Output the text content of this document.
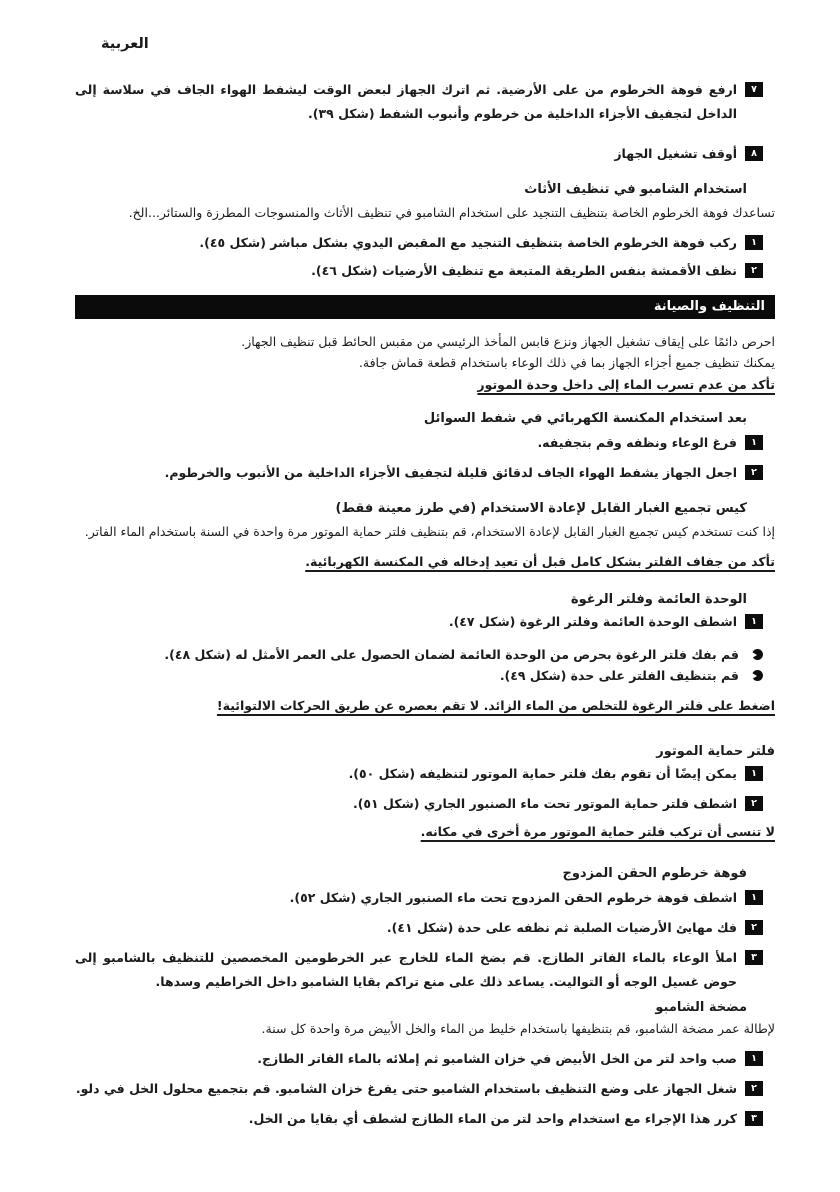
العربية
٧
ارفع فوهة الخرطوم من على الأرضية. ثم اترك الجهاز لبعض الوقت ليشفط الهواء الجاف في سلاسة إلى الداخل لتجفيف الأجزاء الداخلية من خرطوم وأنبوب الشفط (شكل ٣٩).
٨
أوقف تشغيل الجهاز
استخدام الشامبو في تنظيف الأثاث
تساعدك فوهة الخرطوم الخاصة بتنظيف التنجيد على استخدام الشامبو في تنظيف الأثاث والمنسوجات المطرزة والستائر...الخ.
١
ركب فوهة الخرطوم الخاصة بتنظيف التنجيد مع المقبض اليدوي بشكل مباشر (شكل ٤٥).
٢
نظف الأقمشة بنفس الطريقة المتبعة مع تنظيف الأرضيات (شكل ٤٦).
التنظيف والصيانة
احرص دائمًا على إيقاف تشغيل الجهاز ونزع قابس المأخذ الرئيسي من مقبس الحائط قبل تنظيف الجهاز.
يمكنك تنظيف جميع أجزاء الجهاز بما في ذلك الوعاء باستخدام قطعة قماش جافة.
تأكد من عدم تسرب الماء إلى داخل وحدة الموتور
بعد استخدام المكنسة الكهربائي في شفط السوائل
١
فرغ الوعاء ونظفه وقم بتجفيفه.
٢
اجعل الجهاز يشفط الهواء الجاف لدقائق قليلة لتجفيف الأجزاء الداخلية من الأنبوب والخرطوم.
كيس تجميع الغبار القابل لإعادة الاستخدام (في طرز معينة فقط)
إذا كنت تستخدم كيس تجميع الغبار القابل لإعادة الاستخدام، قم بتنظيف فلتر حماية الموتور مرة واحدة في السنة باستخدام الماء الفاتر.
تأكد من جفاف الفلتر بشكل كامل قبل أن تعيد إدخاله في المكنسة الكهربائية.
الوحدة العائمة وفلتر الرغوة
١
اشطف الوحدة العائمة وفلتر الرغوة (شكل ٤٧).
قم بفك فلتر الرغوة بحرص من الوحدة العائمة لضمان الحصول على العمر الأمثل له (شكل ٤٨).
قم بتنظيف الفلتر على حدة (شكل ٤٩).
اضغط على فلتر الرغوة للتخلص من الماء الزائد. لا تقم بعصره عن طريق الحركات الالتوائية!
فلتر حماية الموتور
١
يمكن إيضًا أن تقوم بفك فلتر حماية الموتور لتنظيفه (شكل ٥٠).
٢
اشطف فلتر حماية الموتور تحت ماء الصنبور الجاري (شكل ٥١).
لا تنسى أن تركب فلتر حماية الموتور مرة أخرى في مكانه.
فوهة خرطوم الحقن المزدوج
١
اشطف فوهة خرطوم الحقن المزدوج تحت ماء الصنبور الجاري (شكل ٥٢).
٢
فك مهايئ الأرضيات الصلبة ثم نظفه على حدة (شكل ٤١).
٣
املأ الوعاء بالماء الفاتر الطازج. قم بضخ الماء للخارج عبر الخرطومين المخصصين للتنظيف بالشامبو إلى حوض غسيل الوجه أو التواليت. يساعد ذلك على منع تراكم بقايا الشامبو داخل الخراطيم وسدها.
مضخة الشامبو
لإطالة عمر مضخة الشامبو، قم بتنظيفها باستخدام خليط من الماء والخل الأبيض مرة واحدة كل سنة.
١
صب واحد لتر من الخل الأبيض في خزان الشامبو ثم إملائه بالماء الفاتر الطازج.
٢
شغل الجهاز على وضع التنظيف باستخدام الشامبو حتى يفرغ خزان الشامبو. قم بتجميع محلول الخل في دلو.
٣
كرر هذا الإجراء مع استخدام واحد لتر من الماء الطازج لشطف أي بقايا من الخل.
